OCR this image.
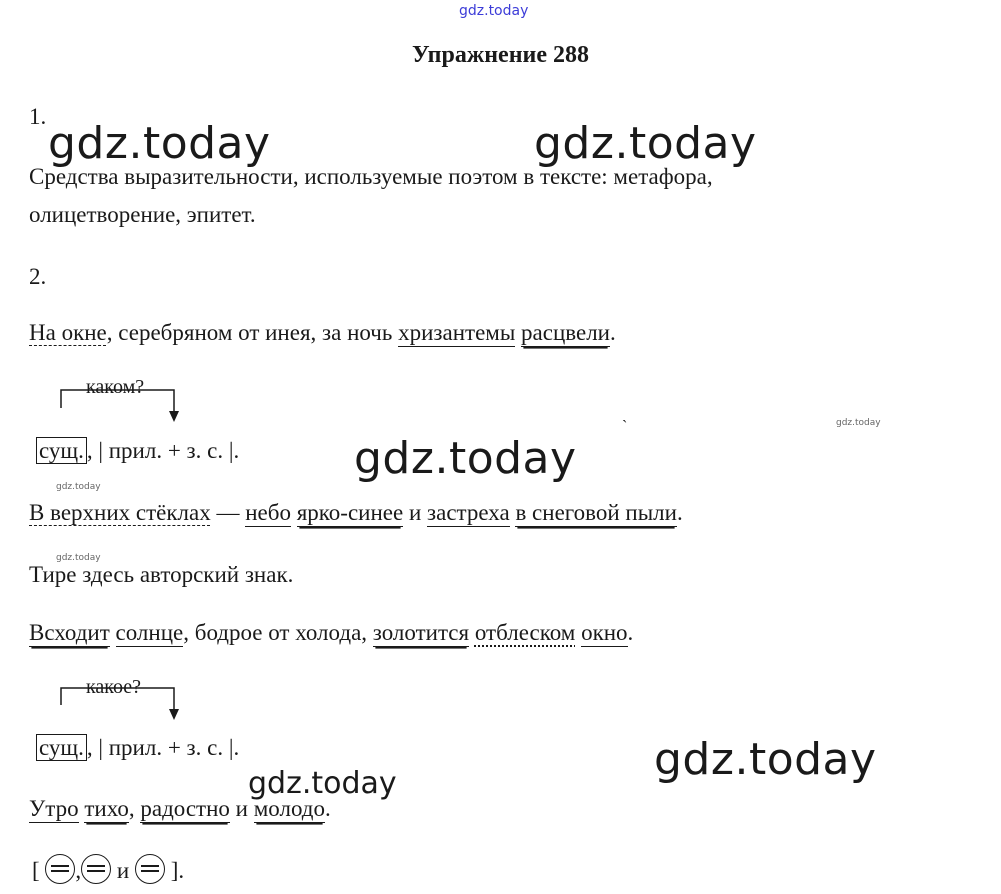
gdz.today
gdz.today	gdz.today
gdz.today
gdz.today
gdz.today
gdz.today
gdz.today
gdz.today
Упражнение 288
1.
Средства выразительности, используемые поэтом в тексте: метафора,
олицетворение, эпитет.
2.
На окне, серебряном от инея, за ночь хризантемы расцвели.
каком?
сущ. , | прил. + з. с. |.
`
В верхних стёклах — небо ярко-синее и застреха в снеговой пыли.
Тире здесь авторский знак.
Всходит солнце, бодрое от холода, золотится отблеском окно.
какое?
сущ. , | прил. + з. с. |.
Утро тихо, радостно и молодо.
[ , и  ].
